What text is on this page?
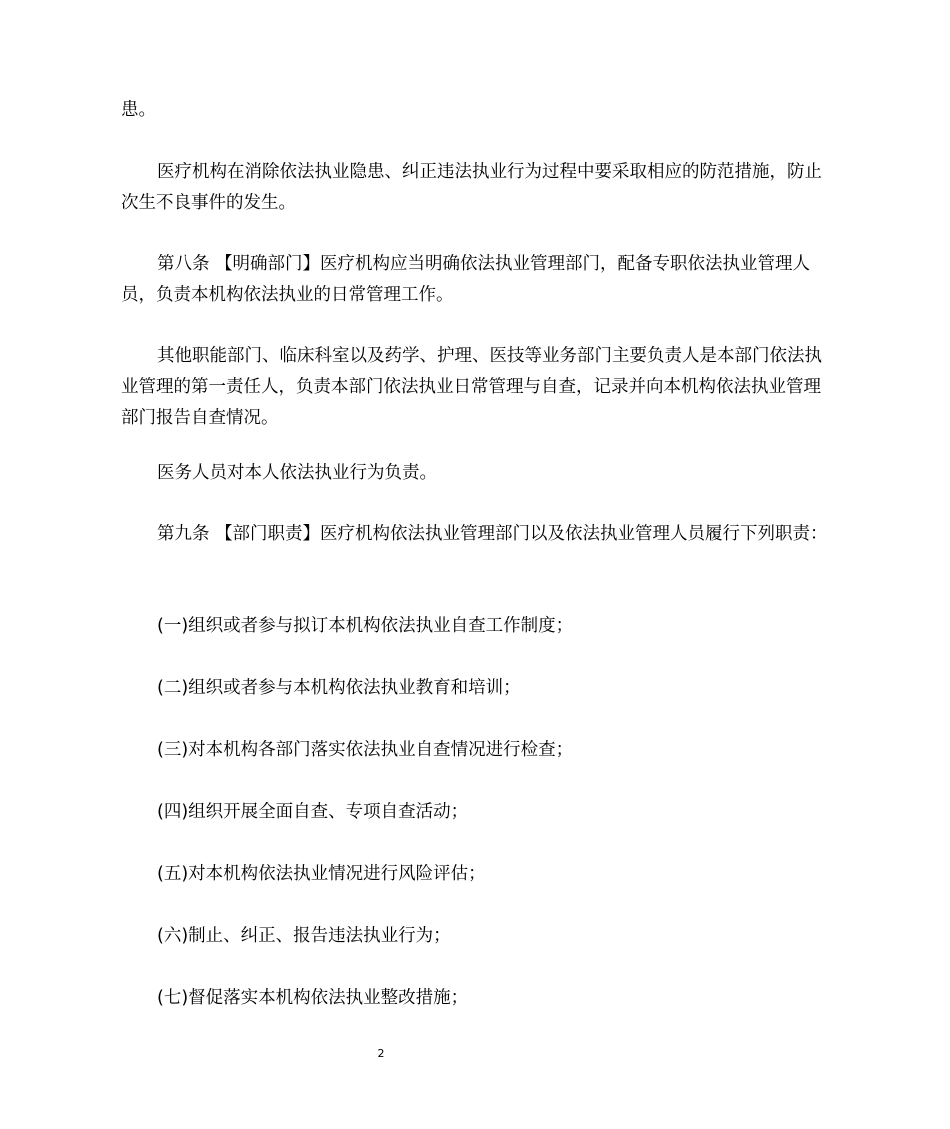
患。

医疗机构在消除依法执业隐患、纠正违法执业行为过程中要采取相应的防范措施，防止次生不良事件的发生。

第八条 【明确部门】医疗机构应当明确依法执业管理部门，配备专职依法执业管理人员，负责本机构依法执业的日常管理工作。

其他职能部门、临床科室以及药学、护理、医技等业务部门主要负责人是本部门依法执业管理的第一责任人，负责本部门依法执业日常管理与自查，记录并向本机构依法执业管理部门报告自查情况。

医务人员对本人依法执业行为负责。

第九条 【部门职责】医疗机构依法执业管理部门以及依法执业管理人员履行下列职责：

(一)组织或者参与拟订本机构依法执业自查工作制度；

(二)组织或者参与本机构依法执业教育和培训；

(三)对本机构各部门落实依法执业自查情况进行检查；

(四)组织开展全面自查、专项自查活动；

(五)对本机构依法执业情况进行风险评估；

(六)制止、纠正、报告违法执业行为；

(七)督促落实本机构依法执业整改措施；

2
